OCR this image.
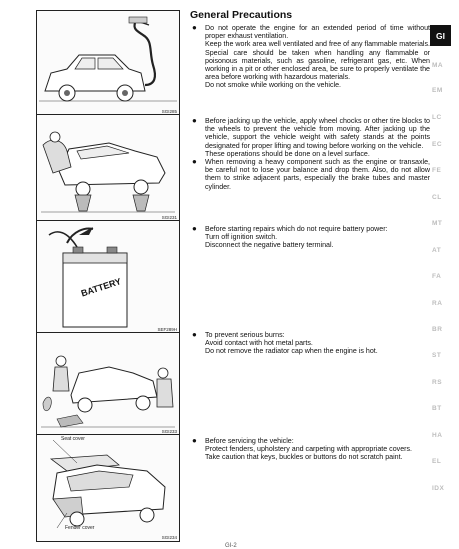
SGI285
SGI231
BATTERY
SEF289H
SGI233
Seat cover
Fender cover
SGI234
General Precautions
● Do not operate the engine for an extended period of time without proper exhaust ventilation.

Keep the work area well ventilated and free of any flammable materials. Special care should be taken when handling any flammable or poisonous materials, such as gasoline, refrigerant gas, etc. When working in a pit or other enclosed area, be sure to properly ventilate the area before working with hazardous materials.

Do not smoke while working on the vehicle.

● Before jacking up the vehicle, apply wheel chocks or other tire blocks to the wheels to prevent the vehicle from moving. After jacking up the vehicle, support the vehicle weight with safety stands at the points designated for proper lifting and towing before working on the vehicle.

These operations should be done on a level surface.

● When removing a heavy component such as the engine or transaxle, be careful not to lose your balance and drop them. Also, do not allow them to strike adjacent parts, especially the brake tubes and master cylinder.

● Before starting repairs which do not require battery power:

Turn off ignition switch.

Disconnect the negative battery terminal.

● To prevent serious burns:

Avoid contact with hot metal parts.

Do not remove the radiator cap when the engine is hot.

● Before servicing the vehicle:

Protect fenders, upholstery and carpeting with appropriate covers.

Take caution that keys, buckles or buttons do not scratch paint.

GI
MA
EM
LC
EC
FE
CL
MT
AT
FA
RA
BR
ST
RS
BT
HA
EL
IDX
GI-2
